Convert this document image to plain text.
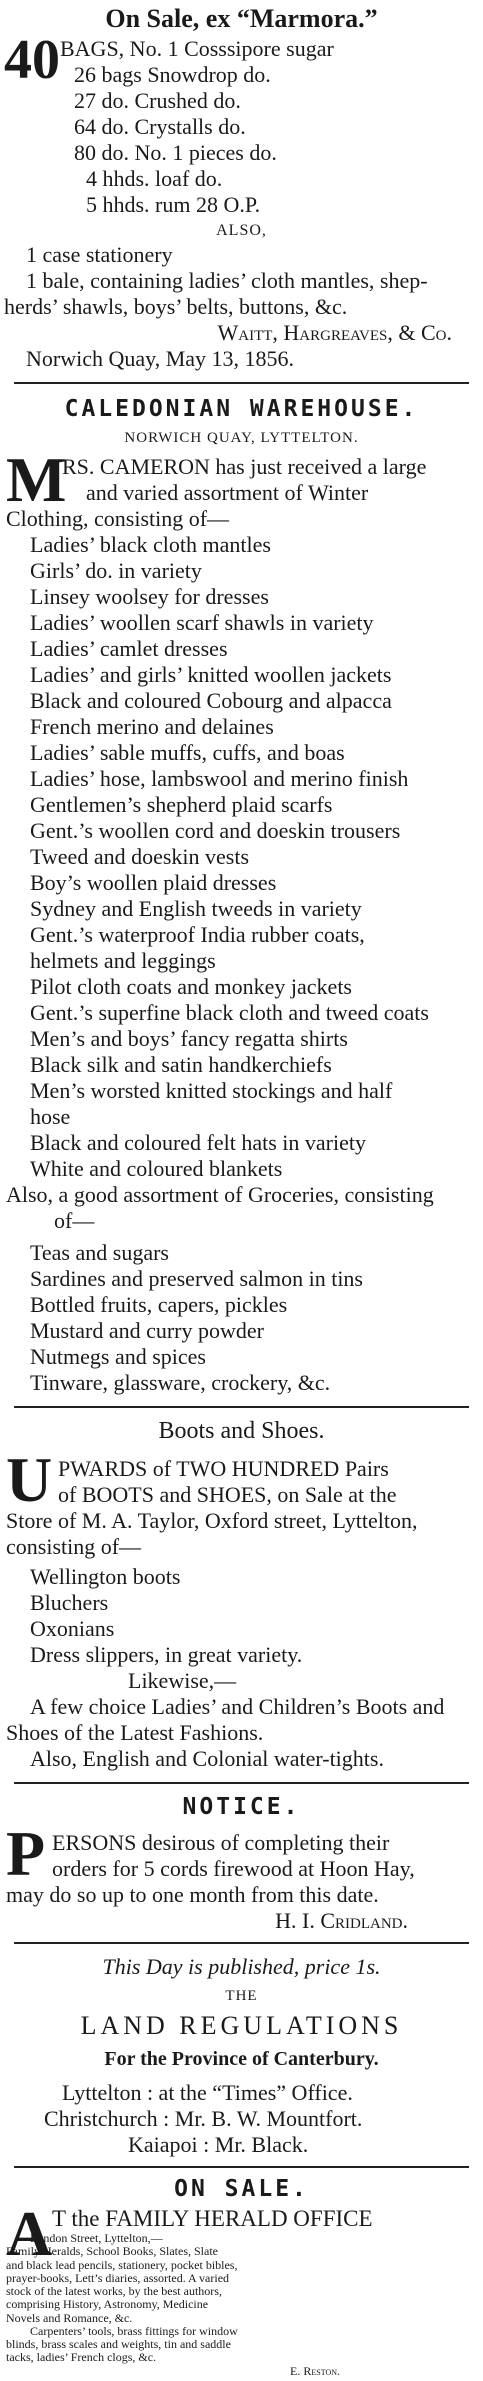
On Sale, ex “Marmora.”
40 BAGS, No. 1 Cosssipore sugar
26 bags Snowdrop do.
27 do. Crushed do.
64 do. Crystalls do.
80 do. No. 1 pieces do.
4 hhds. loaf do.
5 hhds. rum 28 O.P.
ALSO,
1 case stationery
1 bale, containing ladies’ cloth mantles, shep-
herds’ shawls, boys’ belts, buttons, &c.
Waitt, Hargreaves, & Co.
Norwich Quay, May 13, 1856.
CALEDONIAN WAREHOUSE.
NORWICH QUAY, LYTTELTON.
M
RS. CAMERON has just received a large
and varied assortment of Winter
Clothing, consisting of—
Ladies’ black cloth mantles
Girls’ do. in variety
Linsey woolsey for dresses
Ladies’ woollen scarf shawls in variety
Ladies’ camlet dresses
Ladies’ and girls’ knitted woollen jackets
Black and coloured Cobourg and alpacca
French merino and delaines
Ladies’ sable muffs, cuffs, and boas
Ladies’ hose, lambswool and merino finish
Gentlemen’s shepherd plaid scarfs
Gent.’s woollen cord and doeskin trousers
Tweed and doeskin vests
Boy’s woollen plaid dresses
Sydney and English tweeds in variety
Gent.’s waterproof India rubber coats,
helmets and leggings
Pilot cloth coats and monkey jackets
Gent.’s superfine black cloth and tweed coats
Men’s and boys’ fancy regatta shirts
Black silk and satin handkerchiefs
Men’s worsted knitted stockings and half
hose
Black and coloured felt hats in variety
White and coloured blankets
Also, a good assortment of Groceries, consisting
of—
Teas and sugars
Sardines and preserved salmon in tins
Bottled fruits, capers, pickles
Mustard and curry powder
Nutmegs and spices
Tinware, glassware, crockery, &c.
Boots and Shoes.
U PWARDS of TWO HUNDRED Pairs
of BOOTS and SHOES, on Sale at the
Store of M. A. Taylor, Oxford street, Lyttelton,
consisting of—
Wellington boots
Bluchers
Oxonians
Dress slippers, in great variety.
Likewise,—
A few choice Ladies’ and Children’s Boots and
Shoes of the Latest Fashions.
Also, English and Colonial water-tights.
NOTICE.
P ERSONS desirous of completing their
orders for 5 cords firewood at Hoon Hay,
may do so up to one month from this date.
H. I. Cridland.
This Day is published, price 1s.
THE
LAND REGULATIONS
For the Province of Canterbury.
Lyttelton : at the “Times” Office.
Christchurch : Mr. B. W. Mountfort.
Kaiapoi : Mr. Black.
ON SALE.
A T the FAMILY HERALD OFFICE
London Street, Lyttelton,—
Family Heralds, School Books, Slates, Slate
and black lead pencils, stationery, pocket bibles,
prayer-books, Lett’s diaries, assorted. A varied
stock of the latest works, by the best authors,
comprising History, Astronomy, Medicine
Novels and Romance, &c.
Carpenters’ tools, brass fittings for window
blinds, brass scales and weights, tin and saddle
tacks, ladies’ French clogs, &c.
E. Reston.
